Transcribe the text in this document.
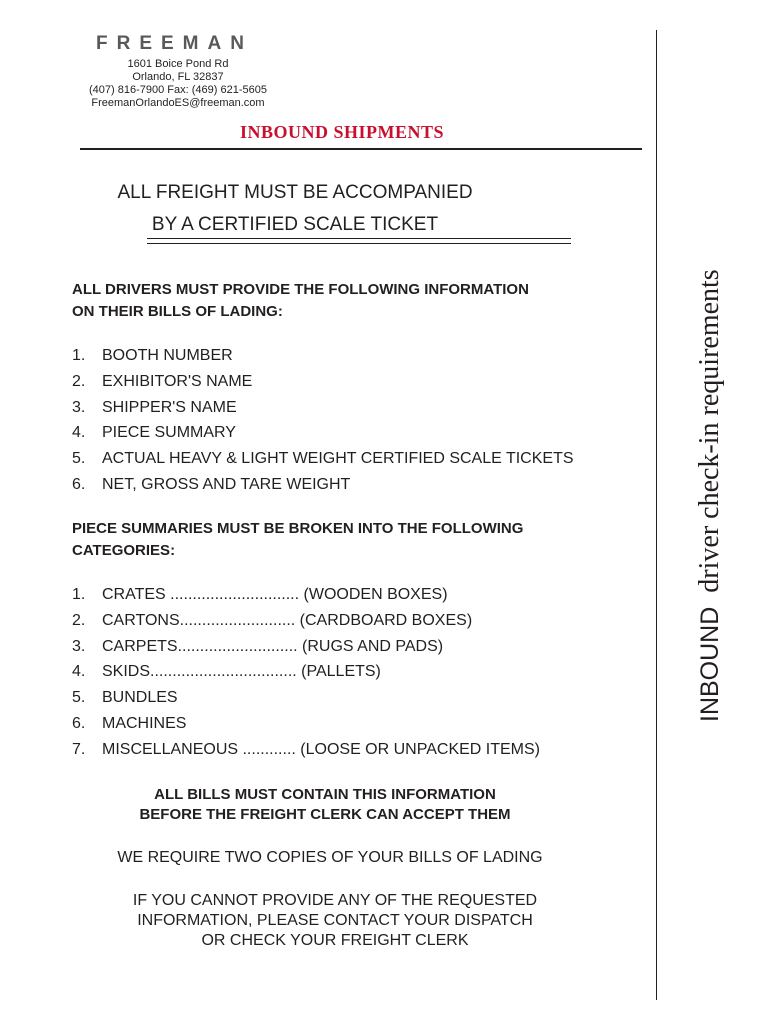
FREEMAN
1601 Boice Pond Rd
Orlando, FL 32837
(407) 816-7900 Fax: (469) 621-5605
FreemanOrlandoES@freeman.com
INBOUND SHIPMENTS
ALL FREIGHT MUST BE ACCOMPANIED
BY A CERTIFIED SCALE TICKET
ALL DRIVERS MUST PROVIDE THE FOLLOWING INFORMATION
ON THEIR BILLS OF LADING:
1. BOOTH NUMBER
2. EXHIBITOR'S NAME
3. SHIPPER'S NAME
4. PIECE SUMMARY
5. ACTUAL HEAVY & LIGHT WEIGHT CERTIFIED SCALE TICKETS
6. NET, GROSS AND TARE WEIGHT
PIECE SUMMARIES MUST BE BROKEN INTO THE FOLLOWING
CATEGORIES:
1. CRATES ............................. (WOODEN BOXES)
2. CARTONS.......................... (CARDBOARD BOXES)
3. CARPETS........................... (RUGS AND PADS)
4. SKIDS................................. (PALLETS)
5. BUNDLES
6. MACHINES
7. MISCELLANEOUS ............ (LOOSE OR UNPACKED ITEMS)
ALL BILLS MUST CONTAIN THIS INFORMATION
BEFORE THE FREIGHT CLERK CAN ACCEPT THEM
WE REQUIRE TWO COPIES OF YOUR BILLS OF LADING
IF YOU CANNOT PROVIDE ANY OF THE REQUESTED
INFORMATION, PLEASE CONTACT YOUR DISPATCH
OR CHECK YOUR FREIGHT CLERK
INBOUNDdriver check-in requirements
